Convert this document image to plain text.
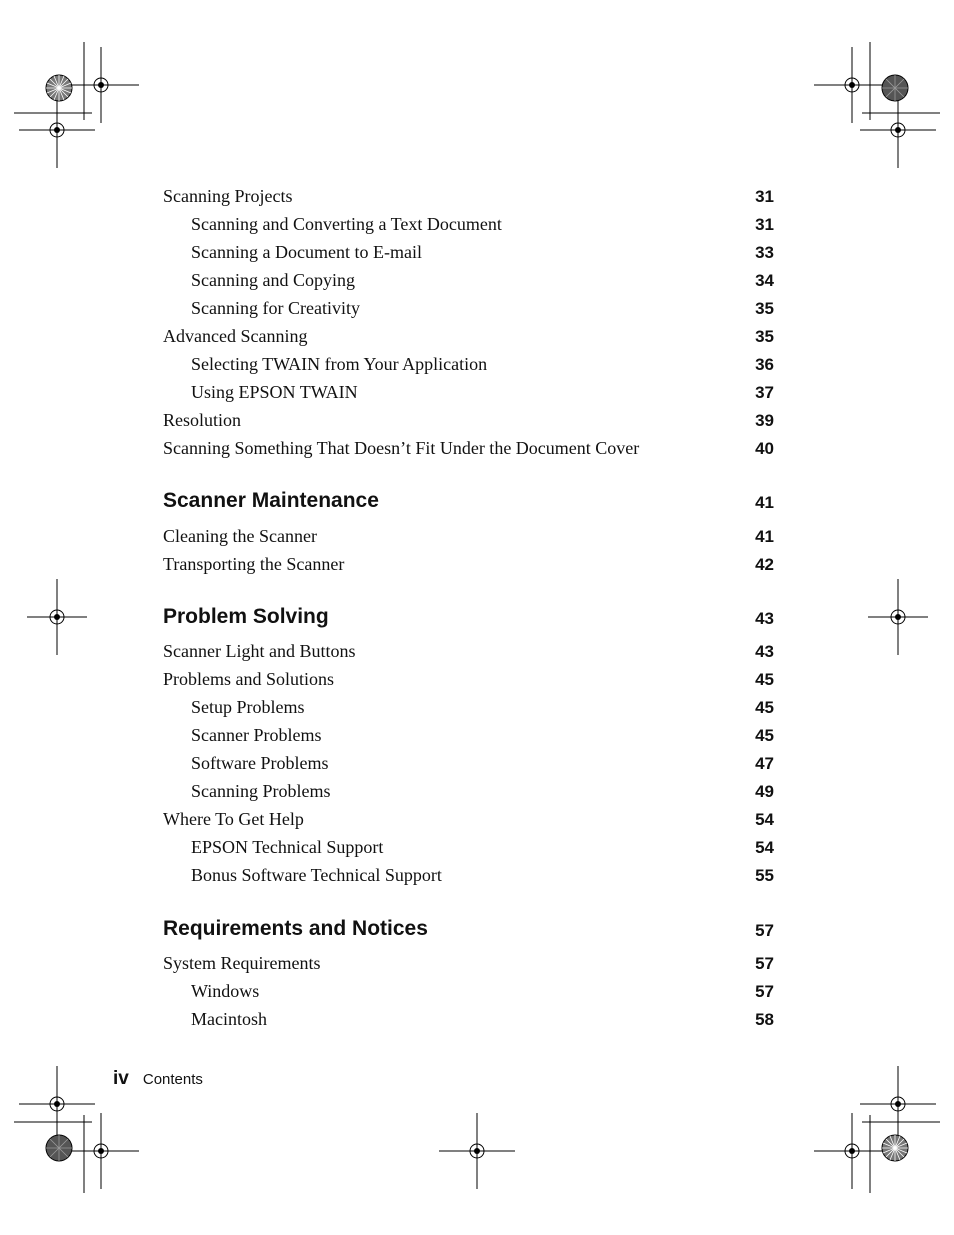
Scanning Projects	31
Scanning and Converting a Text Document	31
Scanning a Document to E-mail	33
Scanning and Copying	34
Scanning for Creativity	35
Advanced Scanning	35
Selecting TWAIN from Your Application	36
Using EPSON TWAIN	37
Resolution	39
Scanning Something That Doesn’t Fit Under the Document Cover	40
Scanner Maintenance	41
Cleaning the Scanner	41
Transporting the Scanner	42
Problem Solving	43
Scanner Light and Buttons	43
Problems and Solutions	45
Setup Problems	45
Scanner Problems	45
Software Problems	47
Scanning Problems	49
Where To Get Help	54
EPSON Technical Support	54
Bonus Software Technical Support	55
Requirements and Notices	57
System Requirements	57
Windows	57
Macintosh	58
iv Contents
